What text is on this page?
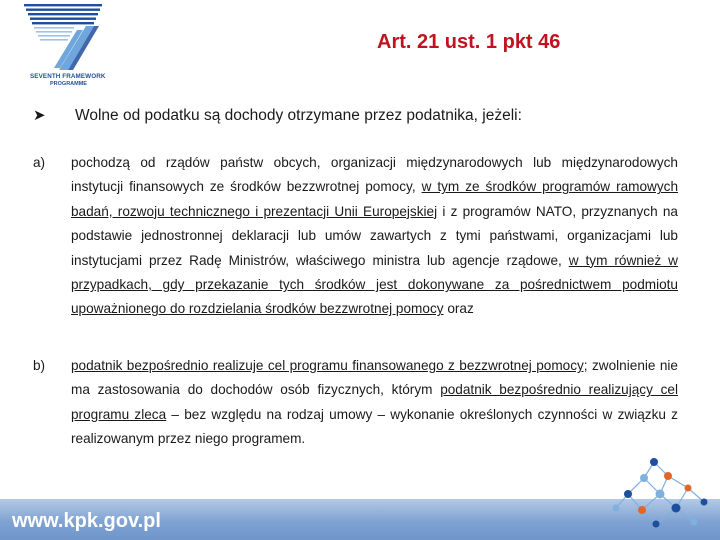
SEVENTH FRAMEWORK
PROGRAMME
Art. 21 ust. 1 pkt 46
➤ Wolne od podatku są dochody otrzymane przez podatnika, jeżeli:
a) pochodzą od rządów państw obcych, organizacji międzynarodowych lub międzynarodowych instytucji finansowych ze środków bezzwrotnej pomocy, w tym ze środków programów ramowych badań, rozwoju technicznego i prezentacji Unii Europejskiej i z programów NATO, przyznanych na podstawie jednostronnej deklaracji lub umów zawartych z tymi państwami, organizacjami lub instytucjami przez Radę Ministrów, właściwego ministra lub agencje rządowe, w tym również w przypadkach, gdy przekazanie tych środków jest dokonywane za pośrednictwem podmiotu upoważnionego do rozdzielania środków bezzwrotnej pomocy oraz
b) podatnik bezpośrednio realizuje cel programu finansowanego z bezzwrotnej pomocy; zwolnienie nie ma zastosowania do dochodów osób fizycznych, którym podatnik bezpośrednio realizujący cel programu zleca – bez względu na rodzaj umowy – wykonanie określonych czynności w związku z realizowanym przez niego programem.
www.kpk.gov.pl
